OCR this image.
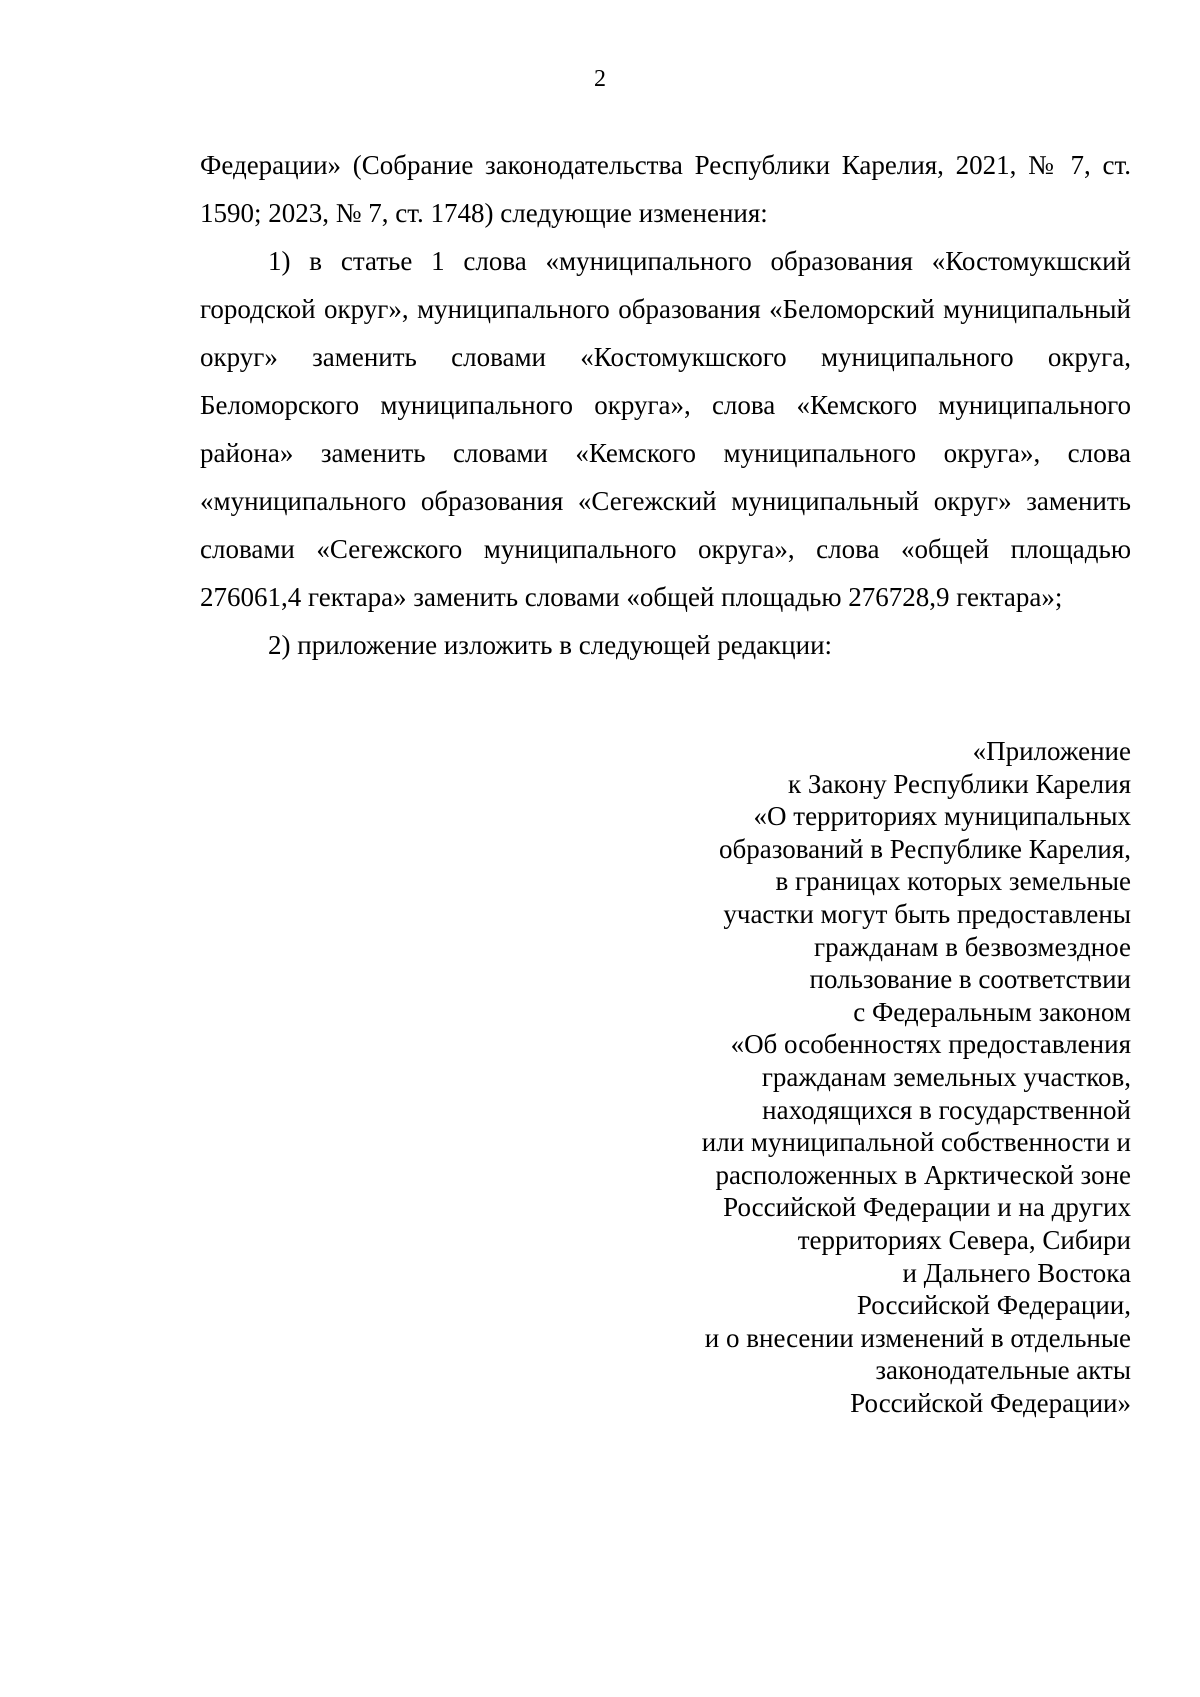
2

Федерации» (Собрание законодательства Республики Карелия, 2021, № 7, ст. 1590; 2023, № 7, ст. 1748) следующие изменения:

1) в статье 1 слова «муниципального образования «Костомукшский городской округ», муниципального образования «Беломорский муниципальный округ» заменить словами «Костомукшского муниципального округа, Беломорского муниципального округа», слова «Кемского муниципального района» заменить словами «Кемского муниципального округа», слова «муниципального образования «Сегежский муниципальный округ» заменить словами «Сегежского муниципального округа», слова «общей площадью 276061,4 гектара» заменить словами «общей площадью 276728,9 гектара»;

2) приложение изложить в следующей редакции:

«Приложение
к Закону Республики Карелия
«О территориях муниципальных
образований в Республике Карелия,
в границах которых земельные
участки могут быть предоставлены
гражданам в безвозмездное
пользование в соответствии
с Федеральным законом
«Об особенностях предоставления
гражданам земельных участков,
находящихся в государственной
или муниципальной собственности и
расположенных в Арктической зоне
Российской Федерации и на других
территориях Севера, Сибири
и Дальнего Востока
Российской Федерации,
и о внесении изменений в отдельные
законодательные акты
Российской Федерации»
